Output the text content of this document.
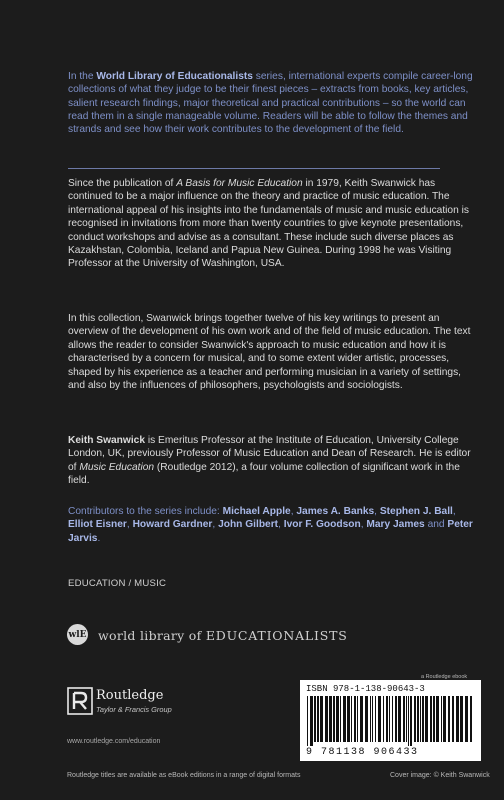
In the World Library of Educationalists series, international experts compile career-long collections of what they judge to be their finest pieces – extracts from books, key articles, salient research findings, major theoretical and practical contributions – so the world can read them in a single manageable volume. Readers will be able to follow the themes and strands and see how their work contributes to the development of the field.
Since the publication of A Basis for Music Education in 1979, Keith Swanwick has continued to be a major influence on the theory and practice of music education. The international appeal of his insights into the fundamentals of music and music education is recognised in invitations from more than twenty countries to give keynote presentations, conduct workshops and advise as a consultant. These include such diverse places as Kazakhstan, Colombia, Iceland and Papua New Guinea. During 1998 he was Visiting Professor at the University of Washington, USA.
In this collection, Swanwick brings together twelve of his key writings to present an overview of the development of his own work and of the field of music education. The text allows the reader to consider Swanwick's approach to music education and how it is characterised by a concern for musical, and to some extent wider artistic, processes, shaped by his experience as a teacher and performing musician in a variety of settings, and also by the influences of philosophers, psychologists and sociologists.
Keith Swanwick is Emeritus Professor at the Institute of Education, University College London, UK, previously Professor of Music Education and Dean of Research. He is editor of Music Education (Routledge 2012), a four volume collection of significant work in the field.
Contributors to the series include: Michael Apple, James A. Banks, Stephen J. Ball, Elliot Eisner, Howard Gardner, John Gilbert, Ivor F. Goodson, Mary James and Peter Jarvis.
EDUCATION / MUSIC
wlE world library of EDUCATIONALISTS
Routledge
Taylor & Francis Group
www.routledge.com/education
a Routledge ebook
ISBN 978-1-138-90643-3
9 781138 906433
Routledge titles are available as eBook editions in a range of digital formats	Cover image: © Keith Swanwick
